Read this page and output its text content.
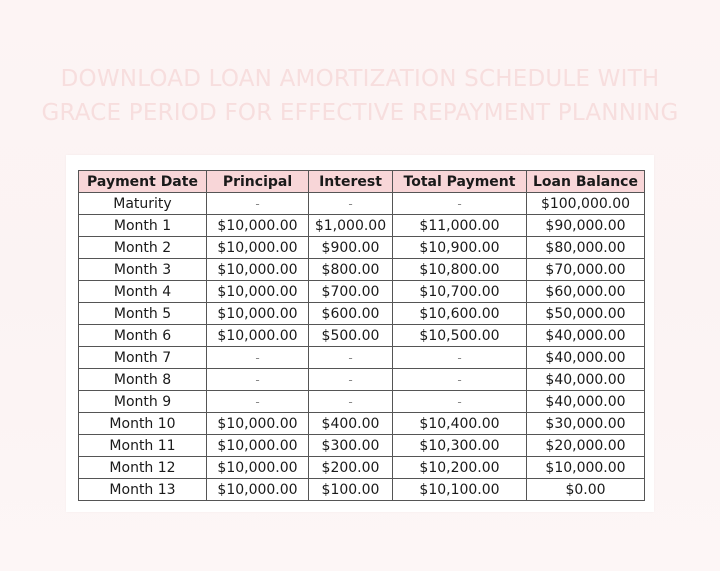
DOWNLOAD LOAN AMORTIZATION SCHEDULE WITH
GRACE PERIOD FOR EFFECTIVE REPAYMENT PLANNING
Payment Date	Principal	Interest	Total Payment	Loan Balance
Maturity	-	-	-	$100,000.00
Month 1	$10,000.00	$1,000.00	$11,000.00	$90,000.00
Month 2	$10,000.00	$900.00	$10,900.00	$80,000.00
Month 3	$10,000.00	$800.00	$10,800.00	$70,000.00
Month 4	$10,000.00	$700.00	$10,700.00	$60,000.00
Month 5	$10,000.00	$600.00	$10,600.00	$50,000.00
Month 6	$10,000.00	$500.00	$10,500.00	$40,000.00
Month 7	-	-	-	$40,000.00
Month 8	-	-	-	$40,000.00
Month 9	-	-	-	$40,000.00
Month 10	$10,000.00	$400.00	$10,400.00	$30,000.00
Month 11	$10,000.00	$300.00	$10,300.00	$20,000.00
Month 12	$10,000.00	$200.00	$10,200.00	$10,000.00
Month 13	$10,000.00	$100.00	$10,100.00	$0.00
